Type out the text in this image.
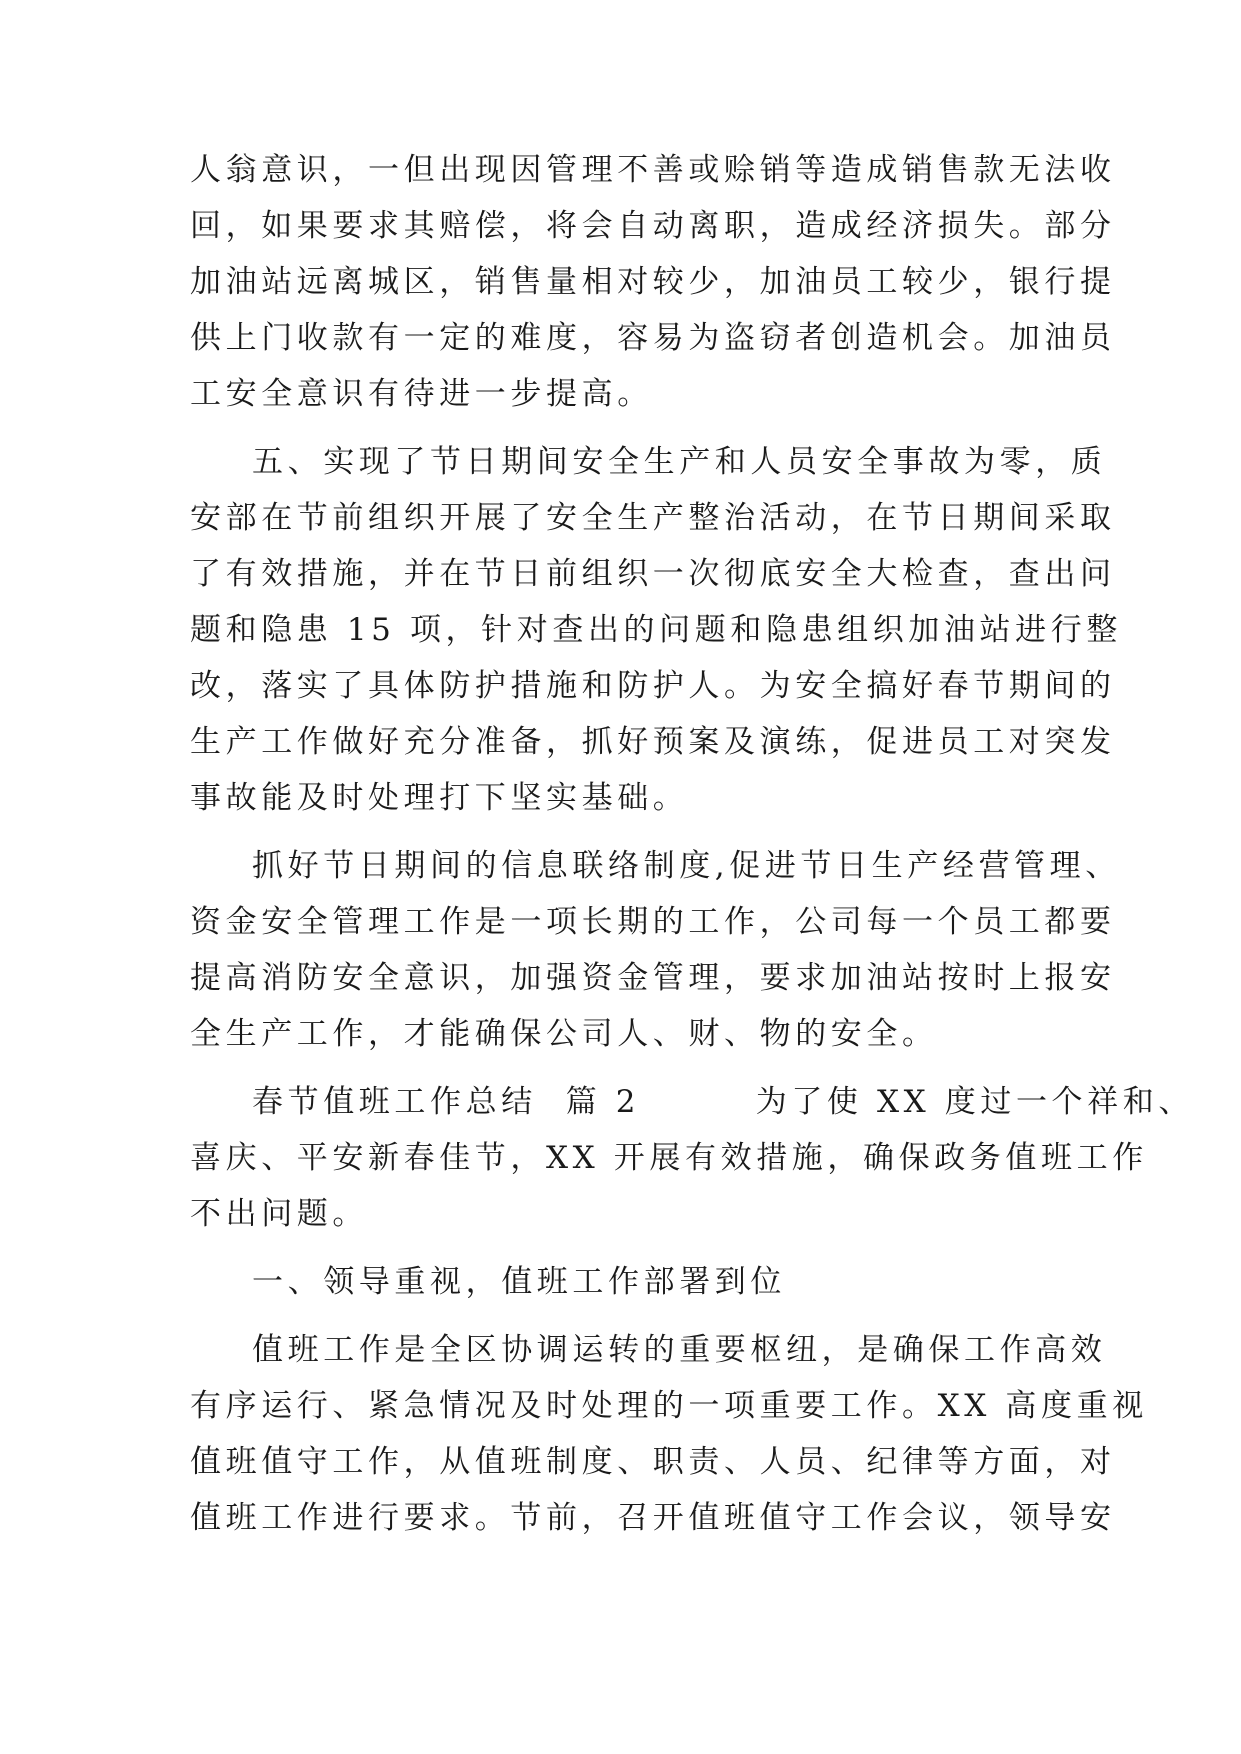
人翁意识，一但出现因管理不善或赊销等造成销售款无法收
回，如果要求其赔偿，将会自动离职，造成经济损失。部分
加油站远离城区，销售量相对较少，加油员工较少，银行提
供上门收款有一定的难度，容易为盗窃者创造机会。加油员
工安全意识有待进一步提高。
五、实现了节日期间安全生产和人员安全事故为零，质
安部在节前组织开展了安全生产整治活动，在节日期间采取
了有效措施，并在节日前组织一次彻底安全大检查，查出问
题和隐患 15 项，针对查出的问题和隐患组织加油站进行整
改，落实了具体防护措施和防护人。为安全搞好春节期间的
生产工作做好充分准备，抓好预案及演练，促进员工对突发
事故能及时处理打下坚实基础。
抓好节日期间的信息联络制度,促进节日生产经营管理、
资金安全管理工作是一项长期的工作，公司每一个员工都要
提高消防安全意识，加强资金管理，要求加油站按时上报安
全生产工作，才能确保公司人、财、物的安全。
春节值班工作总结  篇 2        为了使 XX 度过一个祥和、
喜庆、平安新春佳节，XX 开展有效措施，确保政务值班工作
不出问题。
一、领导重视，值班工作部署到位
值班工作是全区协调运转的重要枢纽，是确保工作高效
有序运行、紧急情况及时处理的一项重要工作。XX 高度重视
值班值守工作，从值班制度、职责、人员、纪律等方面，对
值班工作进行要求。节前，召开值班值守工作会议，领导安
